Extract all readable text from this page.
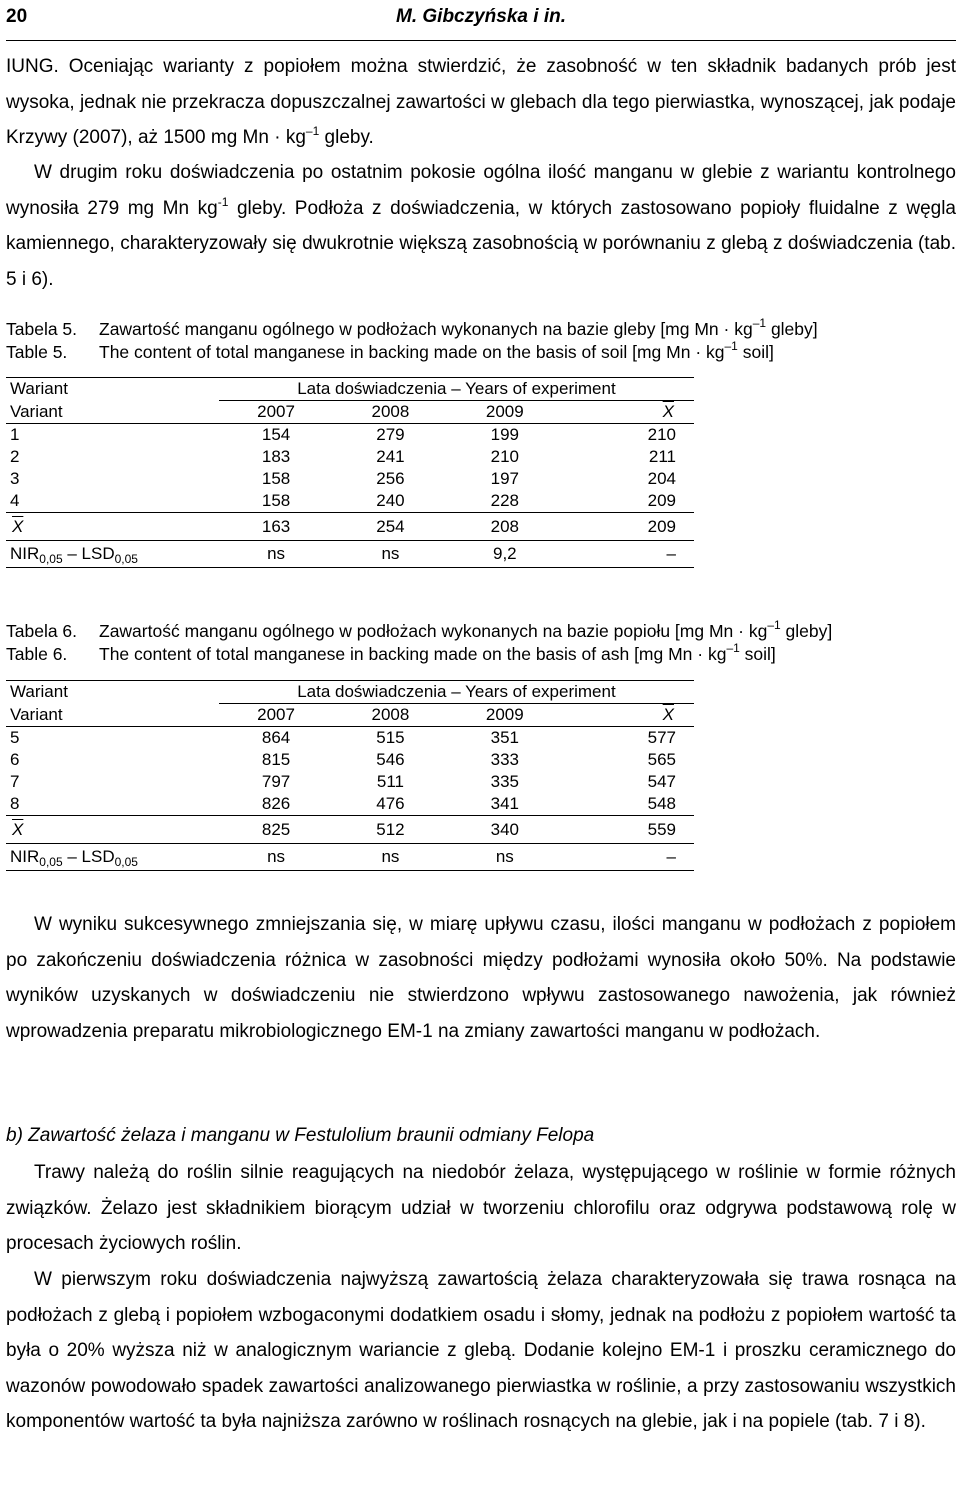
20	M. Gibczyńska i in.

IUNG. Oceniając warianty z popiołem można stwierdzić, że zasobność w ten składnik badanych prób jest wysoka, jednak nie przekracza dopuszczalnej zawartości w glebach dla tego pierwiastka, wynoszącej, jak podaje Krzywy (2007), aż 1500 mg $Mn \cdot kg^{-1}$ gleby.

W drugim roku doświadczenia po ostatnim pokosie ogólna ilość manganu w glebie z wariantu kontrolnego wynosiła 279 mg Mn $kg^{-1}$ gleby. Podłoża z doświadczenia, w których zastosowano popioły fluidalne z węgla kamiennego, charakteryzowały się dwukrotnie większą zasobnością w porównaniu z glebą z doświadczenia (tab. 5 i 6).

Tabela 5.	Zawartość manganu ogólnego w podłożach wykonanych na bazie gleby [mg $Mn \cdot kg^{-1}$ gleby]
Table 5.	The content of total manganese in backing made on the basis of soil [mg $Mn \cdot kg^{-1}$ soil]
Wariant	Lata doświadczenia – Years of experiment			
Variant	2007	2008	2009	$\overline{X}$
1	154	279	199	210
2	183	241	210	211
3	158	256	197	204
4	158	240	228	209
$\overline{X}$	163	254	208	209
$NIR_{0,05} - LSD_{0,05}$	ns	ns	9,2	–
Tabela 6.	Zawartość manganu ogólnego w podłożach wykonanych na bazie popiołu [mg $Mn \cdot kg^{-1}$ gleby]
Table 6.	The content of total manganese in backing made on the basis of ash [mg $Mn \cdot kg^{-1}$ soil]
Wariant	Lata doświadczenia – Years of experiment			
Variant	2007	2008	2009	$\overline{X}$
5	864	515	351	577
6	815	546	333	565
7	797	511	335	547
8	826	476	341	548
$\overline{X}$	825	512	340	559
$NIR_{0,05} - LSD_{0,05}$	ns	ns	ns	–

W wyniku sukcesywnego zmniejszania się, w miarę upływu czasu, ilości manganu w podłożach z popiołem po zakończeniu doświadczenia różnica w zasobności między podłożami wynosiła około 50%. Na podstawie wyników uzyskanych w doświadczeniu nie stwierdzono wpływu zastosowanego nawożenia, jak również wprowadzenia preparatu mikrobiologicznego EM-1 na zmiany zawartości manganu w podłożach.

b) Zawartość żelaza i manganu w Festulolium braunii odmiany Felopa

Trawy należą do roślin silnie reagujących na niedobór żelaza, występującego w roślinie w formie różnych związków. Żelazo jest składnikiem biorącym udział w tworzeniu chlorofilu oraz odgrywa podstawową rolę w procesach życiowych roślin.

W pierwszym roku doświadczenia najwyższą zawartością żelaza charakteryzowała się trawa rosnąca na podłożach z glebą i popiołem wzbogaconymi dodatkiem osadu i słomy, jednak na podłożu z popiołem wartość ta była o 20% wyższa niż w analogicznym wariancie z glebą. Dodanie kolejno EM-1 i proszku ceramicznego do wazonów powodowało spadek zawartości analizowanego pierwiastka w roślinie, a przy zastosowaniu wszystkich komponentów wartość ta była najniższa zarówno w roślinach rosnących na glebie, jak i na popiele (tab. 7 i 8).
